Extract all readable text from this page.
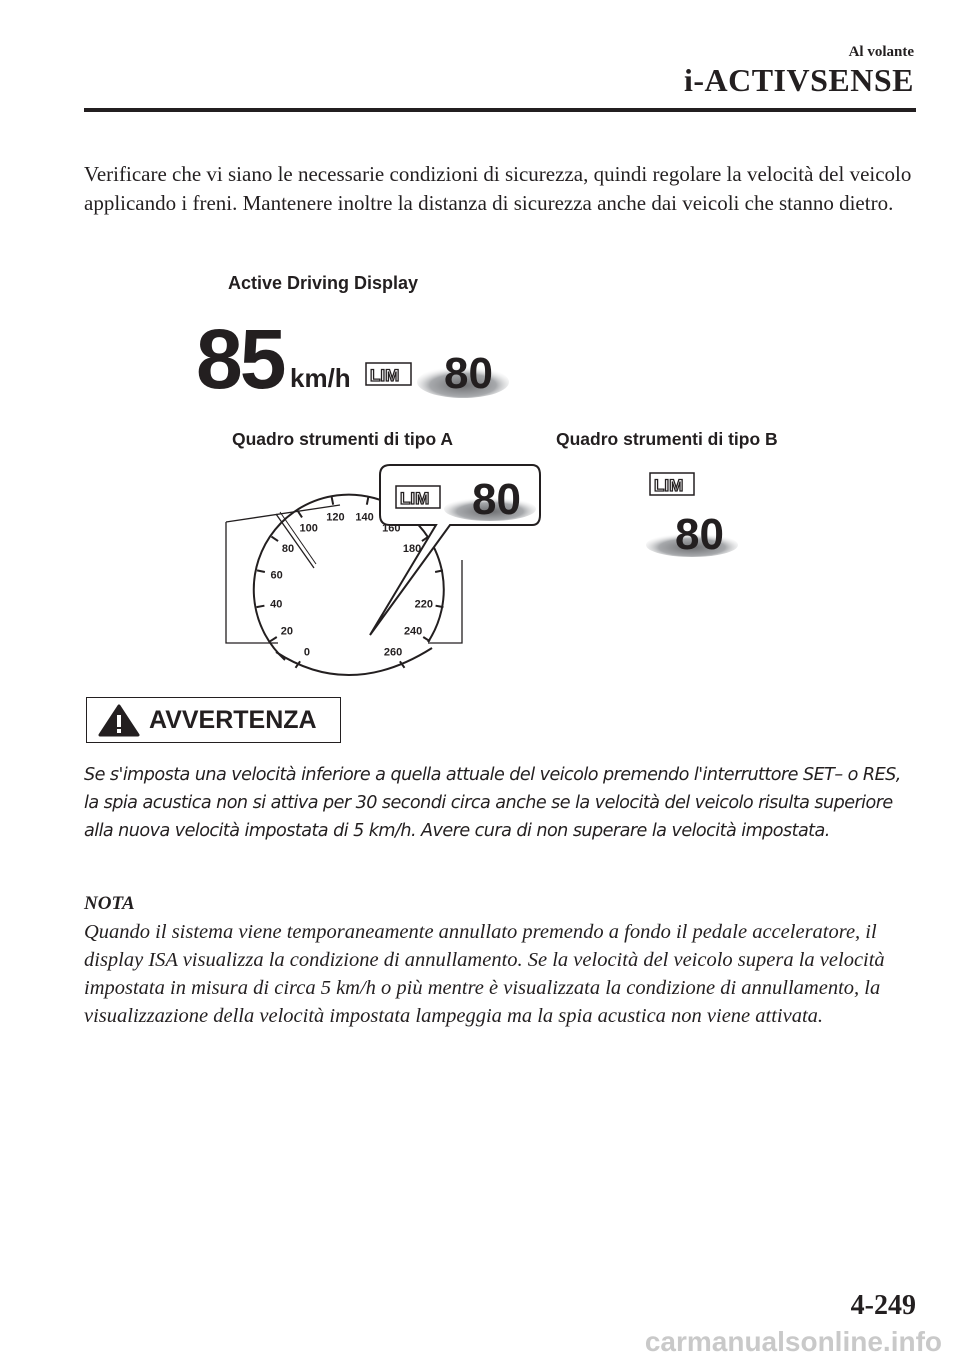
Al volante
i-ACTIVSENSE
Verificare che vi siano le necessarie condizioni di sicurezza, quindi regolare la velocità del veicolo applicando i freni. Mantenere inoltre la distanza di sicurezza anche dai veicoli che stanno dietro.
Active Driving Display
85 km/h LIM 80
Quadro strumenti di tipo A	Quadro strumenti di tipo B
0
20
40
60
80
100
120 140
160
180
220
240
260
LIM 80	LIM
80
AVVERTENZA
Se s'imposta una velocità inferiore a quella attuale del veicolo premendo l'interruttore SET– o RES, la spia acustica non si attiva per 30 secondi circa anche se la velocità del veicolo risulta superiore alla nuova velocità impostata di 5 km/h. Avere cura di non superare la velocità impostata.
NOTA
Quando il sistema viene temporaneamente annullato premendo a fondo il pedale acceleratore, il display ISA visualizza la condizione di annullamento. Se la velocità del veicolo supera la velocità impostata in misura di circa 5 km/h o più mentre è visualizzata la condizione di annullamento, la visualizzazione della velocità impostata lampeggia ma la spia acustica non viene attivata.
4-249
carmanualsonline.info
